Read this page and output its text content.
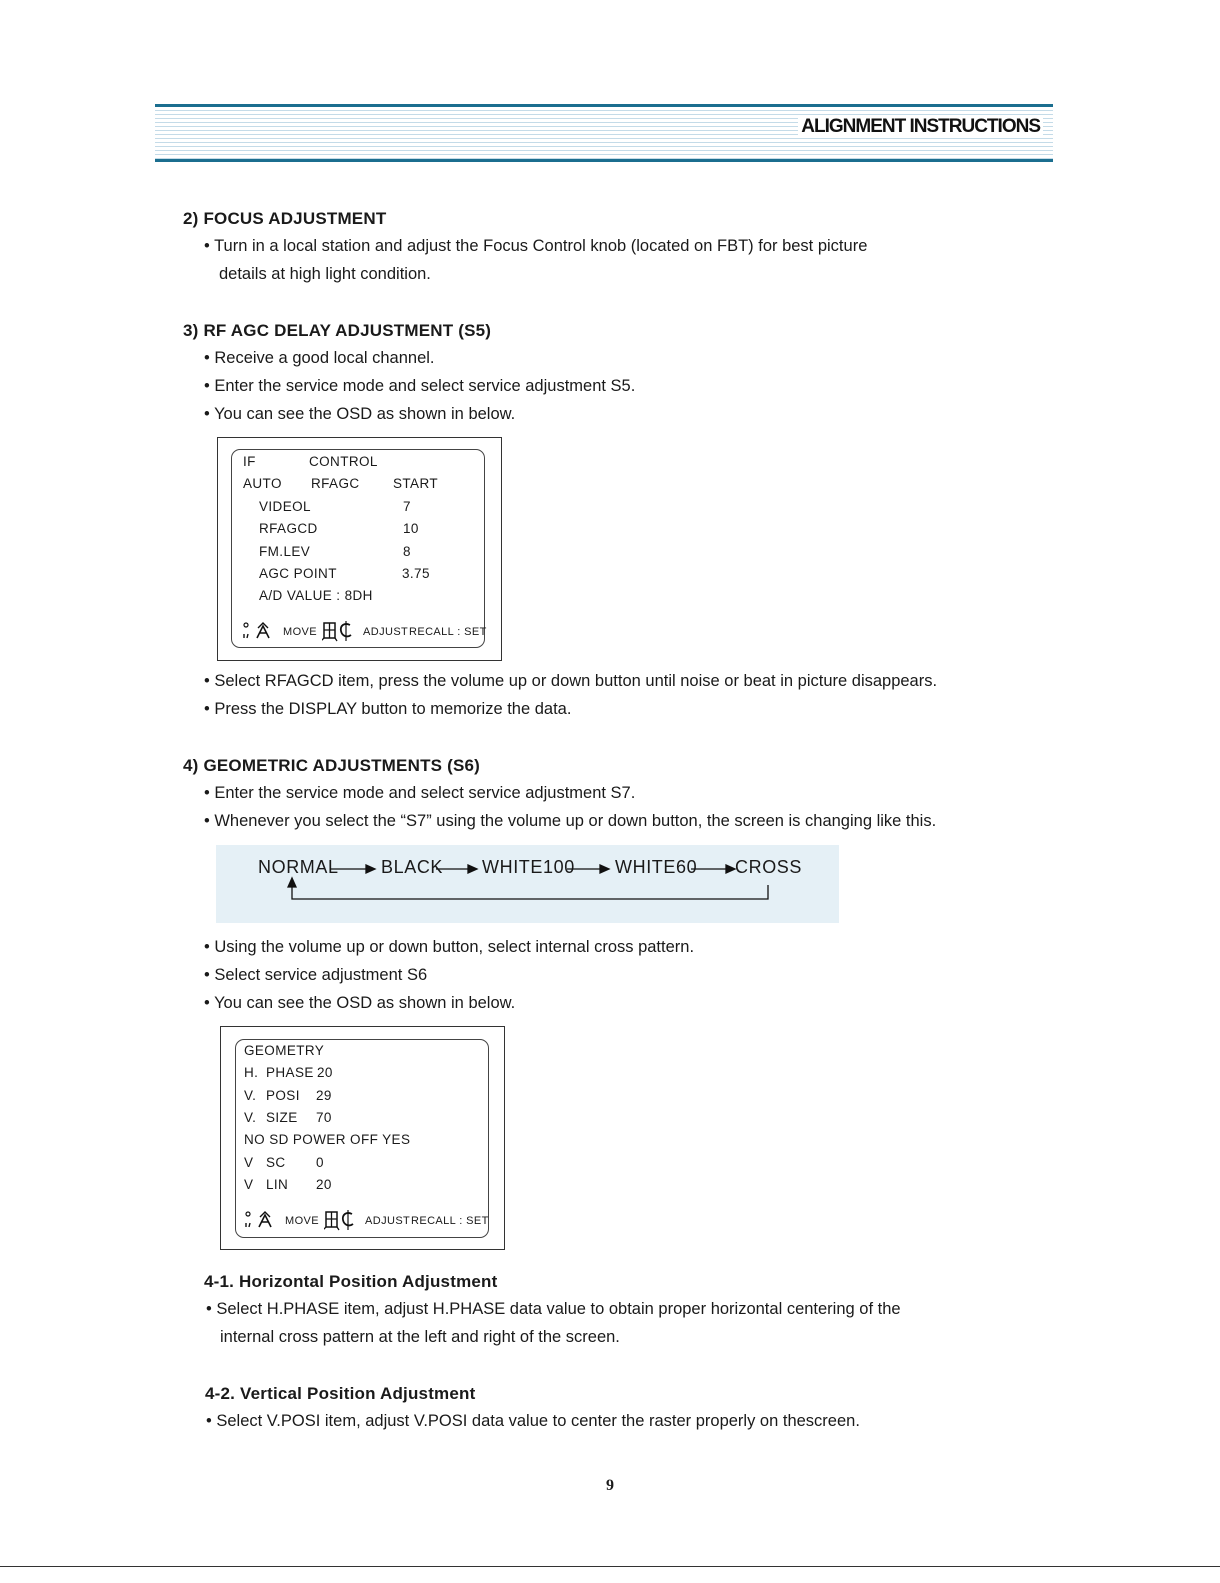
ALIGNMENT INSTRUCTIONS
2) FOCUS ADJUSTMENT
• Turn in a local station and adjust the Focus Control knob (located on FBT) for best picture
details at high light condition.
3) RF AGC DELAY ADJUSTMENT (S5)
• Receive a good local channel.
• Enter the service mode and select service adjustment S5.
• You can see the OSD as shown in below.
IF	CONTROL
AUTO RFAGC START
VIDEOL	7
RFAGCD	10
FM.LEV	8
AGC POINT	3.75
A/D VALUE : 8DH
MOVE	ADJUST RECALL : SET
• Select RFAGCD item, press the volume up or down button until noise or beat in picture disappears.
• Press the DISPLAY button to memorize the data.
4) GEOMETRIC ADJUSTMENTS (S6)
• Enter the service mode and select service adjustment S7.
• Whenever you select the “S7” using the volume up or down button, the screen is changing like this.
NORMAL BLACK WHITE100 WHITE60 CROSS
• Using the volume up or down button, select internal cross pattern.
• Select service adjustment S6
• You can see the OSD as shown in below.
GEOMETRY
H. PHASE 20
V. POSI 29
V. SIZE 70
NO SD POWER OFF YES
V SC 0
V LIN 20
MOVE	ADJUST RECALL : SET
4-1. Horizontal Position Adjustment
• Select H.PHASE item, adjust H.PHASE data value to obtain proper horizontal centering of the
internal cross pattern at the left and right of the screen.
4-2. Vertical Position Adjustment
• Select V.POSI item, adjust V.POSI data value to center the raster properly on thescreen.
9
